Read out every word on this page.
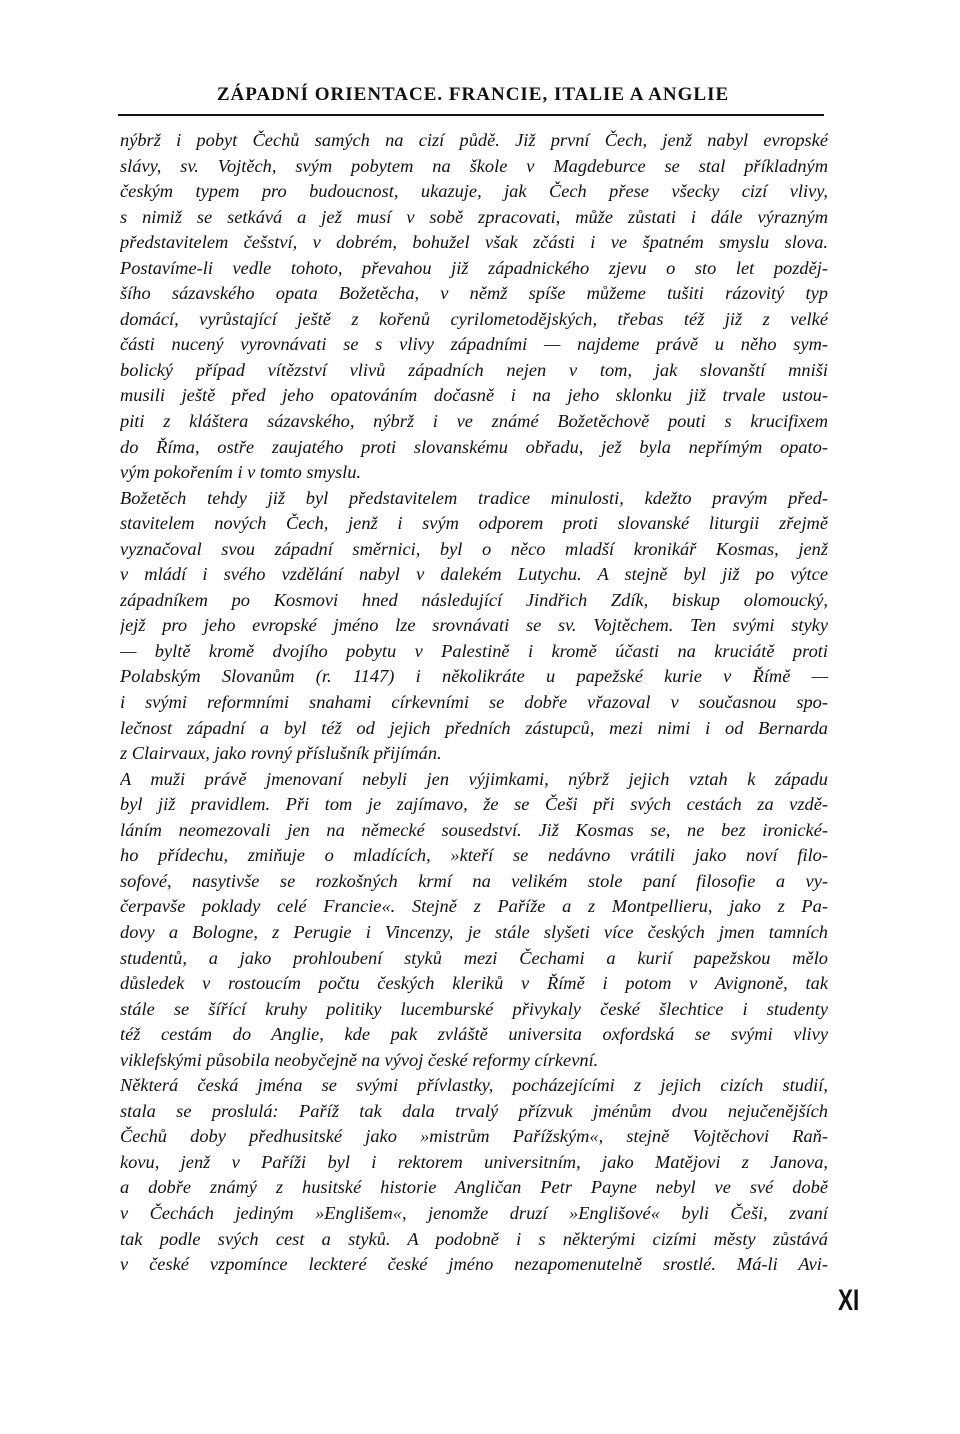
ZÁPADNÍ ORIENTACE. FRANCIE, ITALIE A ANGLIE

nýbrž i pobyt Čechů samých na cizí půdě. Již první Čech, jenž nabyl evropské
slávy, sv. Vojtěch, svým pobytem na škole v Magdeburce se stal příkladným
českým typem pro budoucnost, ukazuje, jak Čech přese všecky cizí vlivy,
s nimiž se setkává a jež musí v sobě zpracovati, může zůstati i dále výrazným
představitelem češství, v dobrém, bohužel však zčásti i ve špatném smyslu slova.

Postavíme-li vedle tohoto, převahou již západnického zjevu o sto let pozděj-
šího sázavského opata Božetěcha, v němž spíše můžeme tušiti rázovitý typ
domácí, vyrůstající ještě z kořenů cyrilometodějských, třebas též již z velké
části nucený vyrovnávati se s vlivy západními — najdeme právě u něho sym-
bolický případ vítězství vlivů západních nejen v tom, jak slovanští mniši
musili ještě před jeho opatováním dočasně i na jeho sklonku již trvale ustou-
piti z kláštera sázavského, nýbrž i ve známé Božetěchově pouti s krucifixem
do Říma, ostře zaujatého proti slovanskému obřadu, jež byla nepřímým opato-
vým pokořením i v tomto smyslu.

Božetěch tehdy již byl představitelem tradice minulosti, kdežto pravým před-
stavitelem nových Čech, jenž i svým odporem proti slovanské liturgii zřejmě
vyznačoval svou západní směrnici, byl o něco mladší kronikář Kosmas, jenž
v mládí i svého vzdělání nabyl v dalekém Lutychu. A stejně byl již po výtce
západníkem po Kosmovi hned následující Jindřich Zdík, biskup olomoucký,
jejž pro jeho evropské jméno lze srovnávati se sv. Vojtěchem. Ten svými styky
— byltě kromě dvojího pobytu v Palestině i kromě účasti na kruciátě proti
Polabským Slovanům (r. 1147) i několikráte u papežské kurie v Římě —
i svými reformními snahami církevními se dobře vřazoval v současnou spo-
lečnost západní a byl též od jejich předních zástupců, mezi nimi i od Bernarda
z Clairvaux, jako rovný příslušník přijímán.

A muži právě jmenovaní nebyli jen výjimkami, nýbrž jejich vztah k západu
byl již pravidlem. Při tom je zajímavo, že se Češi při svých cestách za vzdě-
láním neomezovali jen na německé sousedství. Již Kosmas se, ne bez ironické-
ho přídechu, zmiňuje o mladících, »kteří se nedávno vrátili jako noví filo-
sofové, nasytivše se rozkošných krmí na velikém stole paní filosofie a vy-
čerpavše poklady celé Francie«. Stejně z Paříže a z Montpellieru, jako z Pa-
dovy a Bologne, z Perugie i Vincenzy, je stále slyšeti více českých jmen tamních
studentů, a jako prohloubení styků mezi Čechami a kurií papežskou mělo
důsledek v rostoucím počtu českých kleriků v Římě i potom v Avignoně, tak
stále se šířící kruhy politiky lucemburské přivykaly české šlechtice i studenty
též cestám do Anglie, kde pak zvláště universita oxfordská se svými vlivy
viklefskými působila neobyčejně na vývoj české reformy církevní.

Některá česká jména se svými přívlastky, pocházejícími z jejich cizích studií,
stala se proslulá: Paříž tak dala trvalý přízvuk jménům dvou nejučenějších
Čechů doby předhusitské jako »mistrům Pařížským«, stejně Vojtěchovi Raň-
kovu, jenž v Paříži byl i rektorem universitním, jako Matějovi z Janova,
a dobře známý z husitské historie Angličan Petr Payne nebyl ve své době
v Čechách jediným »Englišem«, jenomže druzí »Englišové« byli Češi, zvaní
tak podle svých cest a styků. A podobně i s některými cizími městy zůstává
v české vzpomínce leckteré české jméno nezapomenutelně srostlé. Má-li Avi-

XI
